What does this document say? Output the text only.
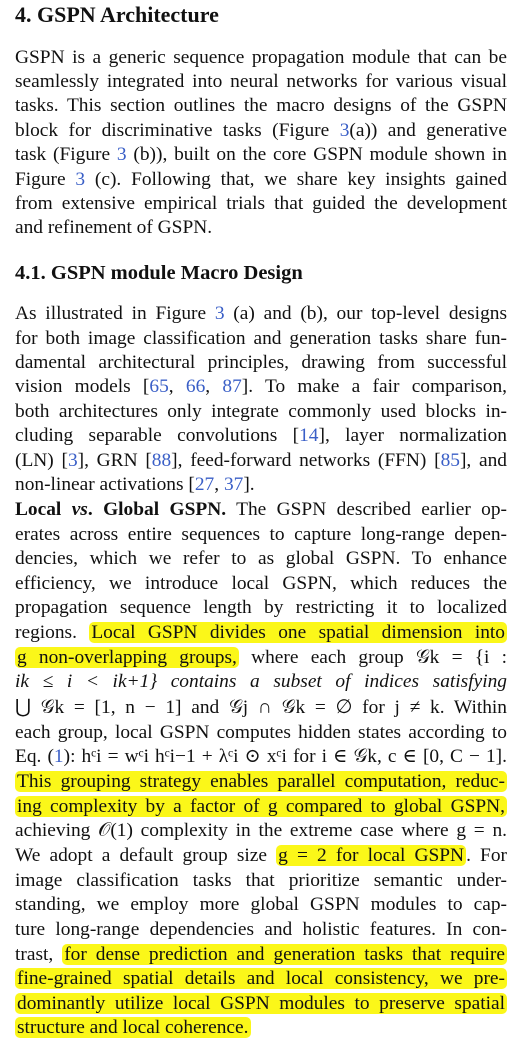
4. GSPN Architecture
GSPN is a generic sequence propagation module that can be
seamlessly integrated into neural networks for various visual
tasks. This section outlines the macro designs of the GSPN
block for discriminative tasks (Figure 3(a)) and generative
task (Figure 3 (b)), built on the core GSPN module shown in
Figure 3 (c). Following that, we share key insights gained
from extensive empirical trials that guided the development
and refinement of GSPN.
4.1. GSPN module Macro Design
As illustrated in Figure 3 (a) and (b), our top-level designs
for both image classification and generation tasks share fun-
damental architectural principles, drawing from successful
vision models [65, 66, 87]. To make a fair comparison,
both architectures only integrate commonly used blocks in-
cluding separable convolutions [14], layer normalization
(LN) [3], GRN [88], feed-forward networks (FFN) [85], and
non-linear activations [27, 37].
Local vs. Global GSPN. The GSPN described earlier op-
erates across entire sequences to capture long-range depen-
dencies, which we refer to as global GSPN. To enhance
efficiency, we introduce local GSPN, which reduces the
propagation sequence length by restricting it to localized
regions. Local GSPN divides one spatial dimension into
g non-overlapping groups, where each group 𝒢k = {i :
ik ≤ i < ik+1} contains a subset of indices satisfying
⋃ 𝒢k = [1, n − 1] and 𝒢j ∩ 𝒢k = ∅ for j ≠ k. Within
each group, local GSPN computes hidden states according to
Eq. (1): hᶜi = wᶜi hᶜi−1 + λᶜi ⊙ xᶜi for i ∈ 𝒢k, c ∈ [0, C − 1].
This grouping strategy enables parallel computation, reduc-
ing complexity by a factor of g compared to global GSPN,
achieving 𝒪(1) complexity in the extreme case where g = n.
We adopt a default group size g = 2 for local GSPN . For
image classification tasks that prioritize semantic under-
standing, we employ more global GSPN modules to cap-
ture long-range dependencies and holistic features. In con-
trast, for dense prediction and generation tasks that require
fine-grained spatial details and local consistency, we pre-
dominantly utilize local GSPN modules to preserve spatial
structure and local coherence.
